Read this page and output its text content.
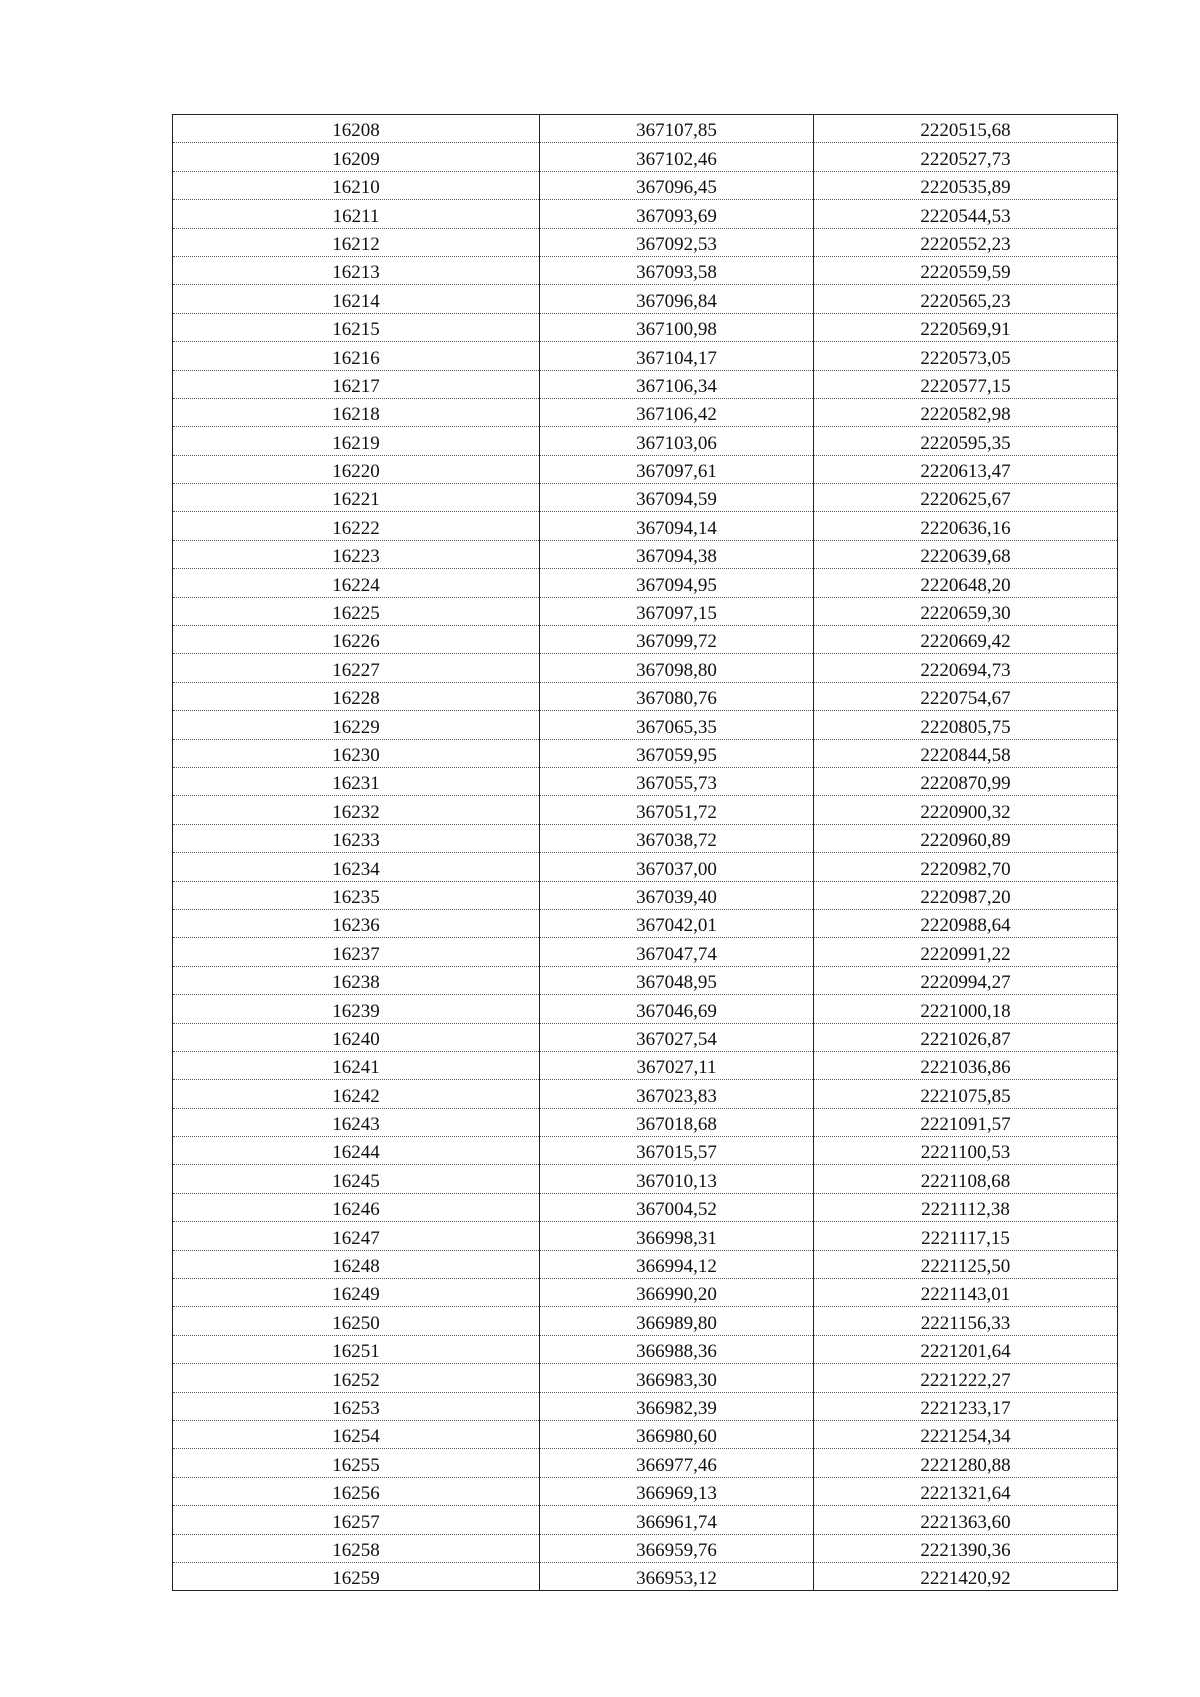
16208	367107,85	2220515,68
16209	367102,46	2220527,73
16210	367096,45	2220535,89
16211	367093,69	2220544,53
16212	367092,53	2220552,23
16213	367093,58	2220559,59
16214	367096,84	2220565,23
16215	367100,98	2220569,91
16216	367104,17	2220573,05
16217	367106,34	2220577,15
16218	367106,42	2220582,98
16219	367103,06	2220595,35
16220	367097,61	2220613,47
16221	367094,59	2220625,67
16222	367094,14	2220636,16
16223	367094,38	2220639,68
16224	367094,95	2220648,20
16225	367097,15	2220659,30
16226	367099,72	2220669,42
16227	367098,80	2220694,73
16228	367080,76	2220754,67
16229	367065,35	2220805,75
16230	367059,95	2220844,58
16231	367055,73	2220870,99
16232	367051,72	2220900,32
16233	367038,72	2220960,89
16234	367037,00	2220982,70
16235	367039,40	2220987,20
16236	367042,01	2220988,64
16237	367047,74	2220991,22
16238	367048,95	2220994,27
16239	367046,69	2221000,18
16240	367027,54	2221026,87
16241	367027,11	2221036,86
16242	367023,83	2221075,85
16243	367018,68	2221091,57
16244	367015,57	2221100,53
16245	367010,13	2221108,68
16246	367004,52	2221112,38
16247	366998,31	2221117,15
16248	366994,12	2221125,50
16249	366990,20	2221143,01
16250	366989,80	2221156,33
16251	366988,36	2221201,64
16252	366983,30	2221222,27
16253	366982,39	2221233,17
16254	366980,60	2221254,34
16255	366977,46	2221280,88
16256	366969,13	2221321,64
16257	366961,74	2221363,60
16258	366959,76	2221390,36
16259	366953,12	2221420,92
